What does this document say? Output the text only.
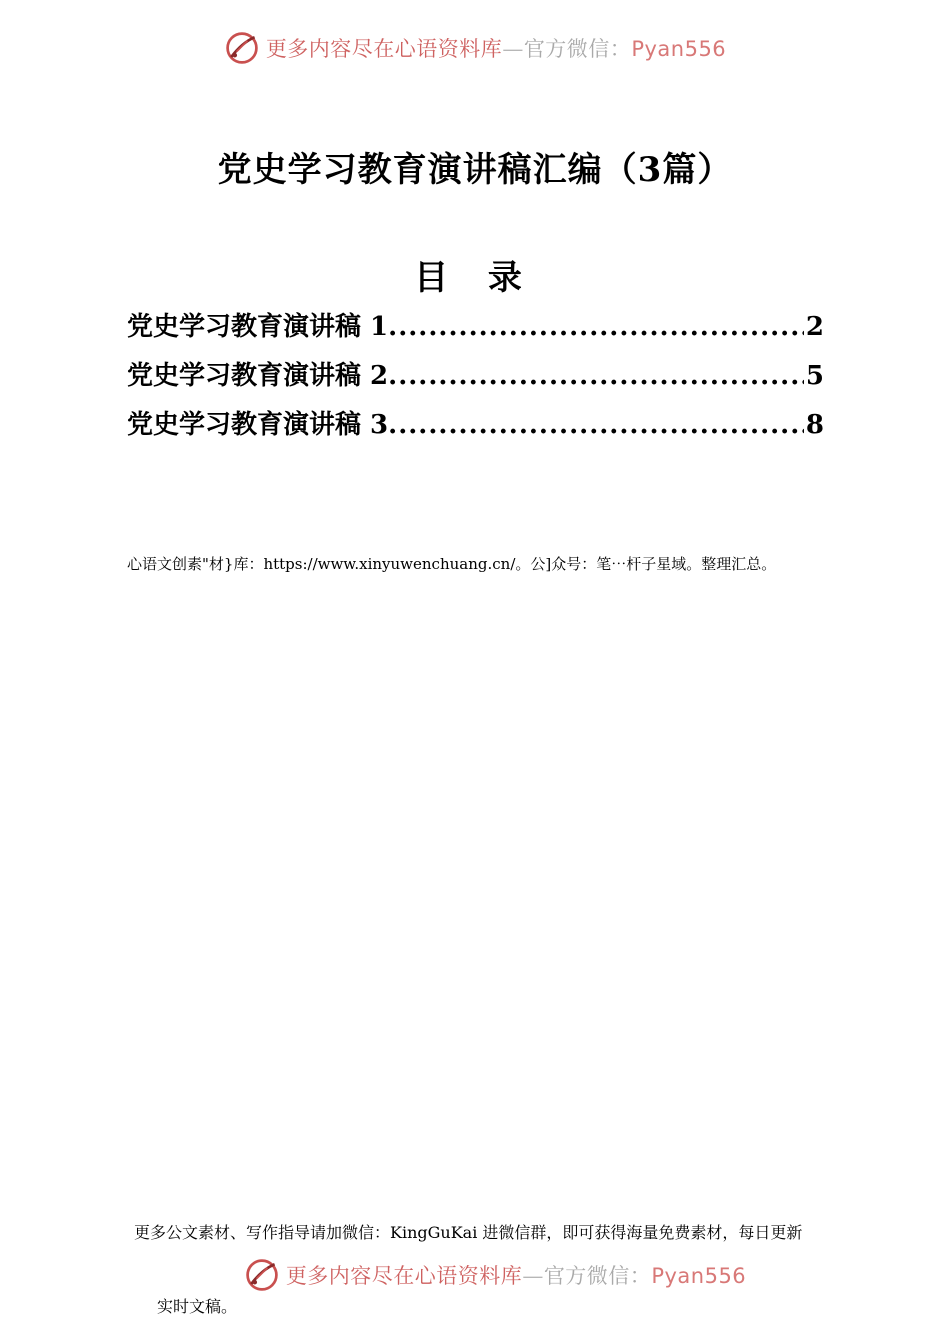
更多内容尽在心语资料库—官方微信：Pyan556
党史学习教育演讲稿汇编（3篇）
目 录
党史学习教育演讲稿 1 .....	2
党史学习教育演讲稿 2 .....	5
党史学习教育演讲稿 3 .....	8
心语文创素"材}库：https://www.xinyuwenchuang.cn/。公]众号：笔⋯杆子星域。整理汇总。
更多公文素材、写作指导请加微信：KingGuKai 进微信群，即可获得海量免费素材，每日更新
更多内容尽在心语资料库—官方微信：Pyan556
实时文稿。
